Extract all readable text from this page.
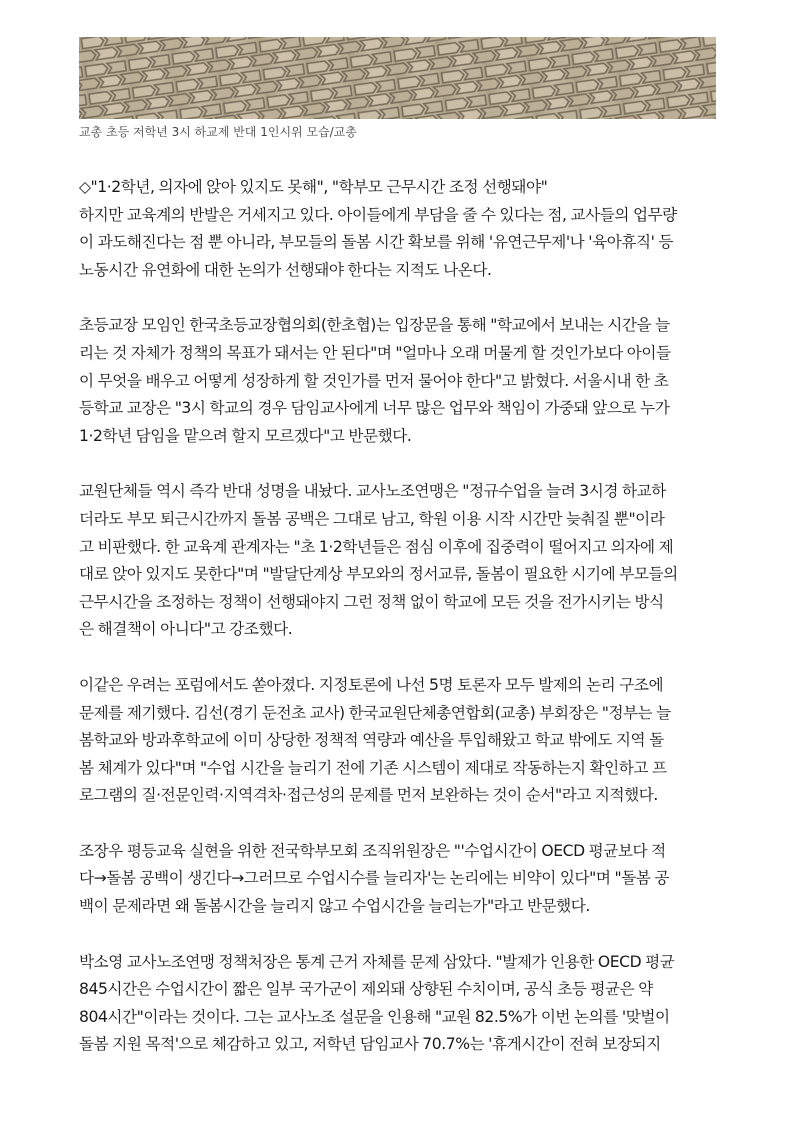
교총 초등 저학년 3시 하교제 반대 1인시위 모습/교총

◇"1·2학년, 의자에 앉아 있지도 못해", "학부모 근무시간 조정 선행돼야"
하지만 교육계의 반발은 거세지고 있다. 아이들에게 부담을 줄 수 있다는 점, 교사들의 업무량
이 과도해진다는 점 뿐 아니라, 부모들의 돌봄 시간 확보를 위해 '유연근무제'나 '육아휴직' 등
노동시간 유연화에 대한 논의가 선행돼야 한다는 지적도 나온다.

초등교장 모임인 한국초등교장협의회(한초협)는 입장문을 통해 "학교에서 보내는 시간을 늘
리는 것 자체가 정책의 목표가 돼서는 안 된다"며 "얼마나 오래 머물게 할 것인가보다 아이들
이 무엇을 배우고 어떻게 성장하게 할 것인가를 먼저 물어야 한다"고 밝혔다. 서울시내 한 초
등학교 교장은 "3시 학교의 경우 담임교사에게 너무 많은 업무와 책임이 가중돼 앞으로 누가
1·2학년 담임을 맡으려 할지 모르겠다"고 반문했다.

교원단체들 역시 즉각 반대 성명을 내놨다. 교사노조연맹은 "정규수업을 늘려 3시경 하교하
더라도 부모 퇴근시간까지 돌봄 공백은 그대로 남고, 학원 이용 시작 시간만 늦춰질 뿐"이라
고 비판했다. 한 교육계 관계자는 "초 1·2학년들은 점심 이후에 집중력이 떨어지고 의자에 제
대로 앉아 있지도 못한다"며 "발달단계상 부모와의 정서교류, 돌봄이 필요한 시기에 부모들의
근무시간을 조정하는 정책이 선행돼야지 그런 정책 없이 학교에 모든 것을 전가시키는 방식
은 해결책이 아니다"고 강조했다.

이같은 우려는 포럼에서도 쏟아졌다. 지정토론에 나선 5명 토론자 모두 발제의 논리 구조에
문제를 제기했다. 김선(경기 둔전초 교사) 한국교원단체총연합회(교총) 부회장은 "정부는 늘
봄학교와 방과후학교에 이미 상당한 정책적 역량과 예산을 투입해왔고 학교 밖에도 지역 돌
봄 체계가 있다"며 "수업 시간을 늘리기 전에 기존 시스템이 제대로 작동하는지 확인하고 프
로그램의 질·전문인력·지역격차·접근성의 문제를 먼저 보완하는 것이 순서"라고 지적했다.

조장우 평등교육 실현을 위한 전국학부모회 조직위원장은 "'수업시간이 OECD 평균보다 적
다→돌봄 공백이 생긴다→그러므로 수업시수를 늘리자'는 논리에는 비약이 있다"며 "돌봄 공
백이 문제라면 왜 돌봄시간을 늘리지 않고 수업시간을 늘리는가"라고 반문했다.

박소영 교사노조연맹 정책처장은 통계 근거 자체를 문제 삼았다. "발제가 인용한 OECD 평균
845시간은 수업시간이 짧은 일부 국가군이 제외돼 상향된 수치이며, 공식 초등 평균은 약
804시간"이라는 것이다. 그는 교사노조 설문을 인용해 "교원 82.5%가 이번 논의를 '맞벌이
돌봄 지원 목적'으로 체감하고 있고, 저학년 담임교사 70.7%는 '휴게시간이 전혀 보장되지
